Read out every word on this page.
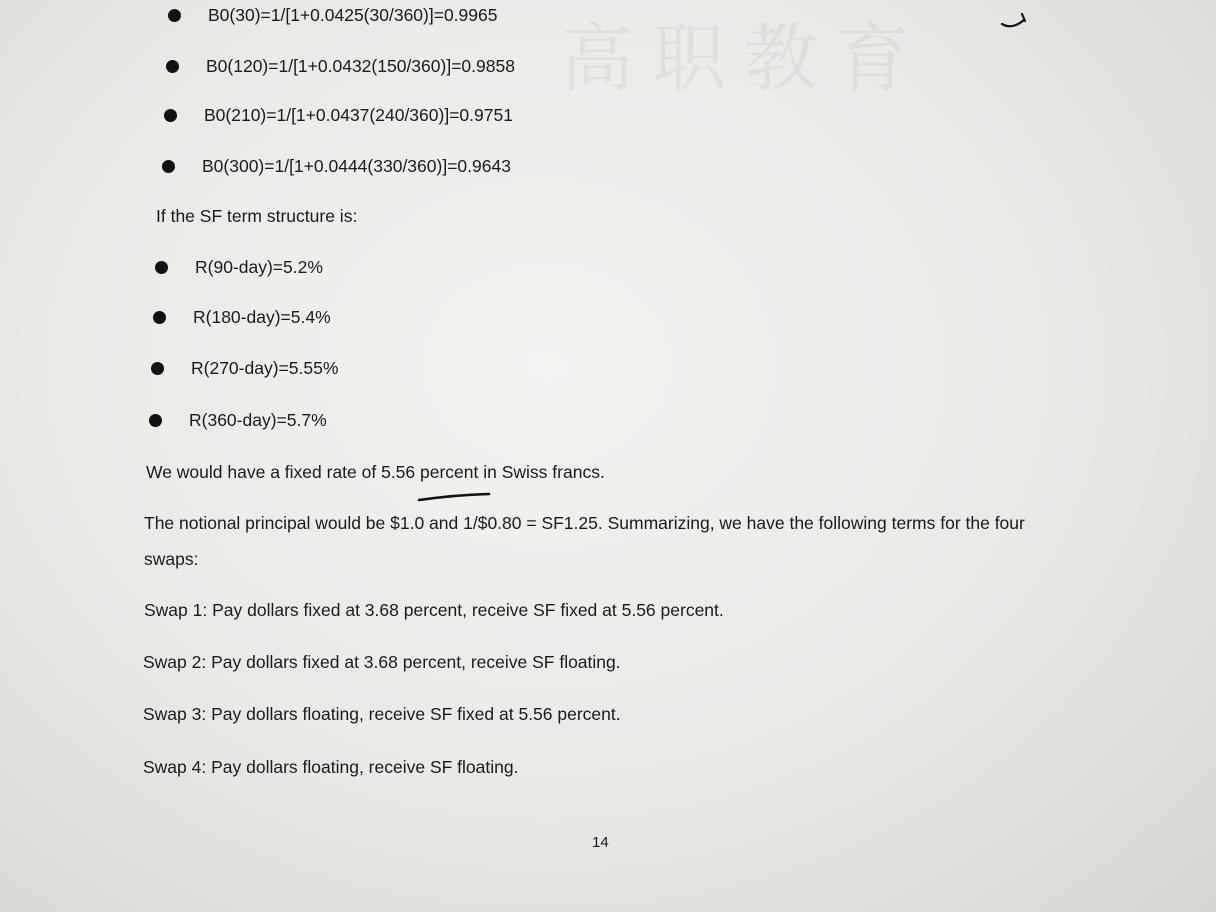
高职教育
B0(30)=1/[1+0.0425(30/360)]=0.9965
B0(120)=1/[1+0.0432(150/360)]=0.9858
B0(210)=1/[1+0.0437(240/360)]=0.9751
B0(300)=1/[1+0.0444(330/360)]=0.9643
If the SF term structure is:
R(90-day)=5.2%
R(180-day)=5.4%
R(270-day)=5.55%
R(360-day)=5.7%
We would have a fixed rate of 5.56 percent in Swiss francs.
The notional principal would be $1.0 and 1/$0.80 = SF1.25. Summarizing, we have the following terms for the four swaps:
Swap 1: Pay dollars fixed at 3.68 percent, receive SF fixed at 5.56 percent.
Swap 2: Pay dollars fixed at 3.68 percent, receive SF floating.
Swap 3: Pay dollars floating, receive SF fixed at 5.56 percent.
Swap 4: Pay dollars floating, receive SF floating.
14
